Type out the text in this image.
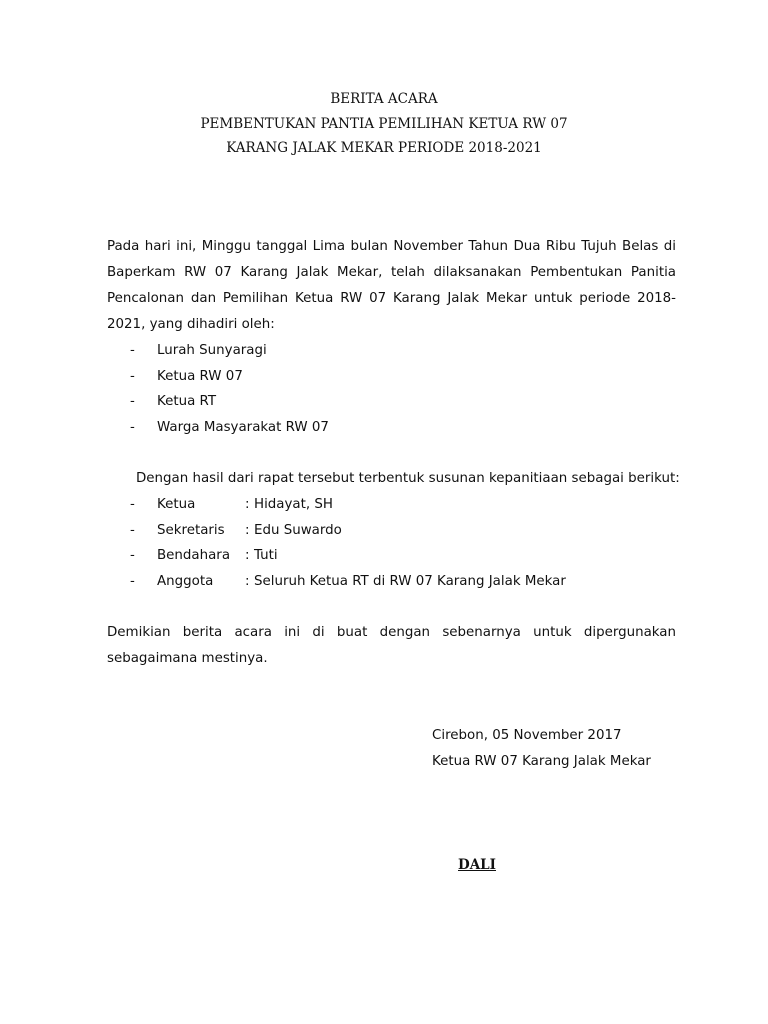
BERITA ACARA
PEMBENTUKAN PANTIA PEMILIHAN KETUA RW 07
KARANG JALAK MEKAR PERIODE 2018-2021
Pada hari ini, Minggu tanggal Lima bulan November Tahun Dua Ribu Tujuh Belas di
Baperkam RW 07 Karang Jalak Mekar, telah dilaksanakan Pembentukan Panitia
Pencalonan dan Pemilihan Ketua RW 07 Karang Jalak Mekar untuk periode 2018-
2021, yang dihadiri oleh:
-	Lurah Sunyaragi
-	Ketua RW 07
-	Ketua RT
-	Warga Masyarakat RW 07
Dengan hasil dari rapat tersebut terbentuk susunan kepanitiaan sebagai berikut:
-	Ketua	: Hidayat, SH
-	Sekretaris	: Edu Suwardo
-	Bendahara	: Tuti
-	Anggota	: Seluruh Ketua RT di RW 07 Karang Jalak Mekar
Demikian berita acara ini di buat dengan sebenarnya untuk dipergunakan
sebagaimana mestinya.
Cirebon, 05 November 2017
Ketua RW 07 Karang Jalak Mekar
DALI
